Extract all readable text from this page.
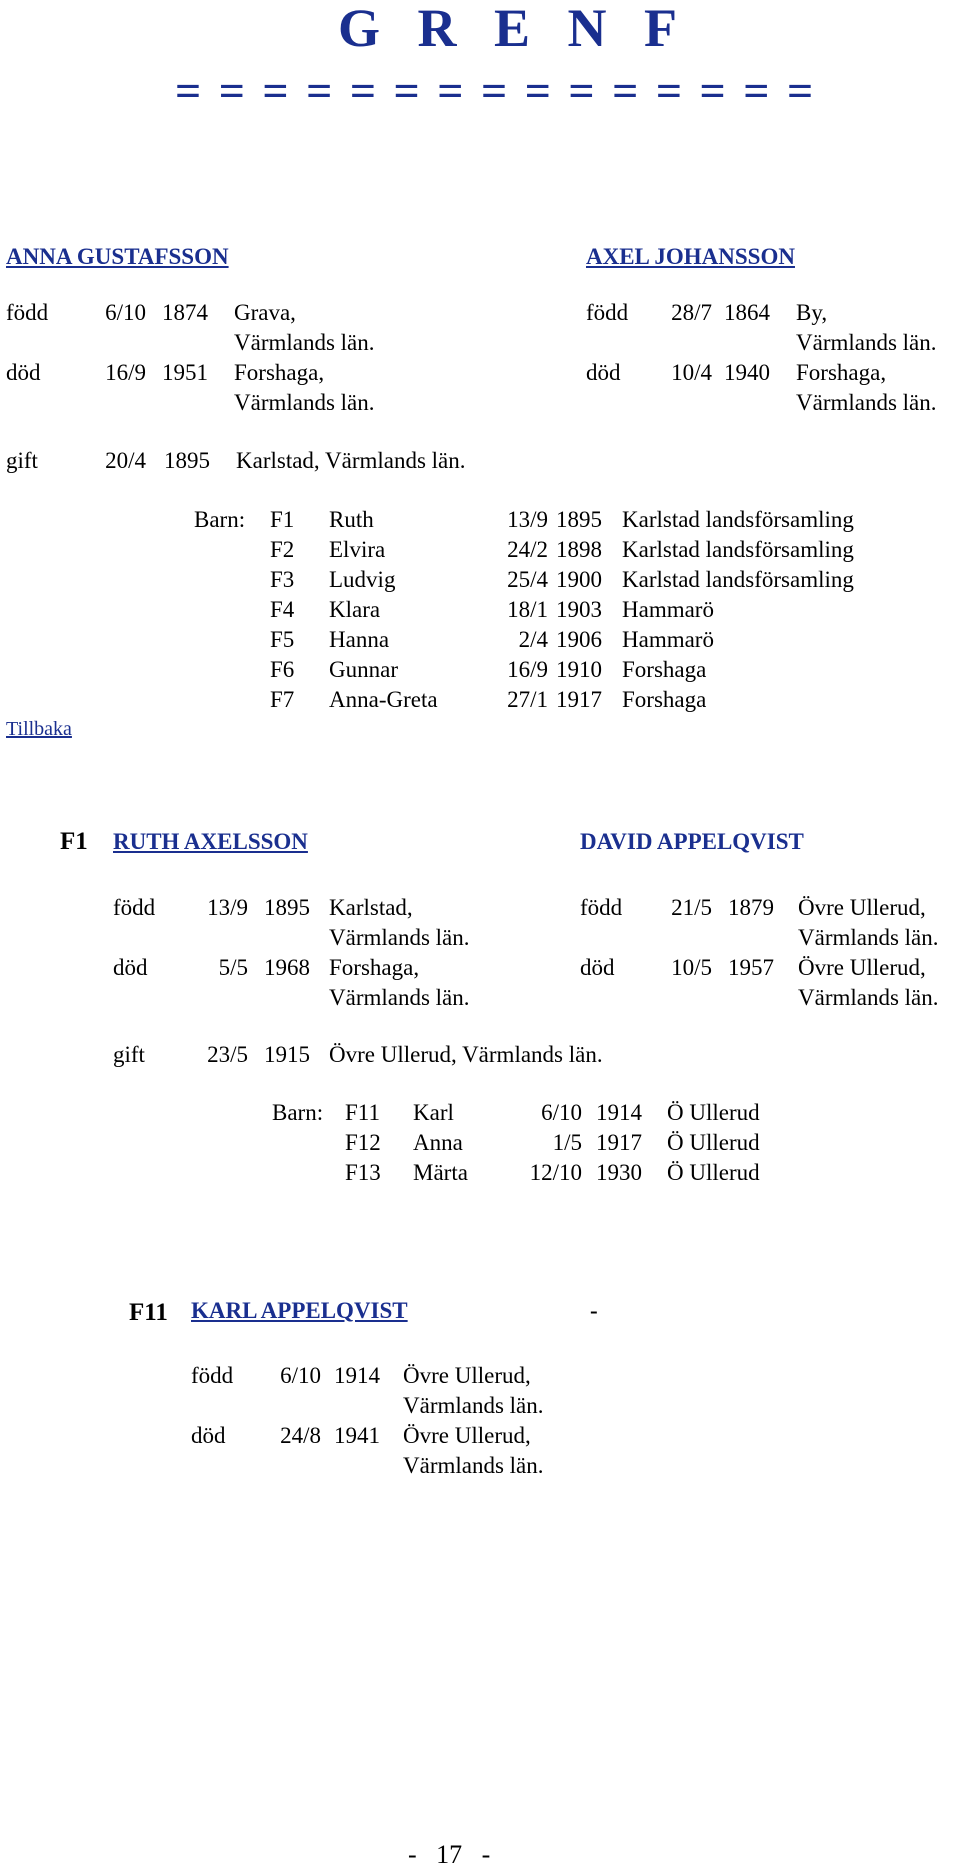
G R E N F
= = = = = = = = = = = = = = =
ANNA GUSTAFSSON	AXEL JOHANSSON
född	6/10 1874 Grava,
Värmlands län.
död	16/9 1951 Forshaga,
Värmlands län.
född	28/7 1864 By,
Värmlands län.
död	10/4 1940 Forshaga,
Värmlands län.
gift	20/4 1895 Karlstad, Värmlands län.
Barn: F1 Ruth	13/9 1895 Karlstad landsförsamling
F2 Elvira	24/2 1898 Karlstad landsförsamling
F3 Ludvig	25/4 1900 Karlstad landsförsamling
F4 Klara	18/1 1903 Hammarö
F5 Hanna	2/4 1906 Hammarö
F6 Gunnar	16/9 1910 Forshaga
F7 Anna-Greta	27/1 1917 Forshaga
Tillbaka
F1 RUTH AXELSSON	DAVID APPELQVIST
född	13/9 1895 Karlstad,
Värmlands län.
död	5/5 1968 Forshaga,
Värmlands län.
född	21/5 1879 Övre Ullerud,
Värmlands län.
död	10/5 1957 Övre Ullerud,
Värmlands län.
gift	23/5 1915 Övre Ullerud, Värmlands län.
Barn: F11 Karl	6/10 1914 Ö Ullerud
F12 Anna	1/5 1917 Ö Ullerud
F13 Märta	12/10 1930 Ö Ullerud
F11 KARL APPELQVIST	-
född	6/10 1914 Övre Ullerud,
Värmlands län.
död	24/8 1941 Övre Ullerud,
Värmlands län.
-   17   -
